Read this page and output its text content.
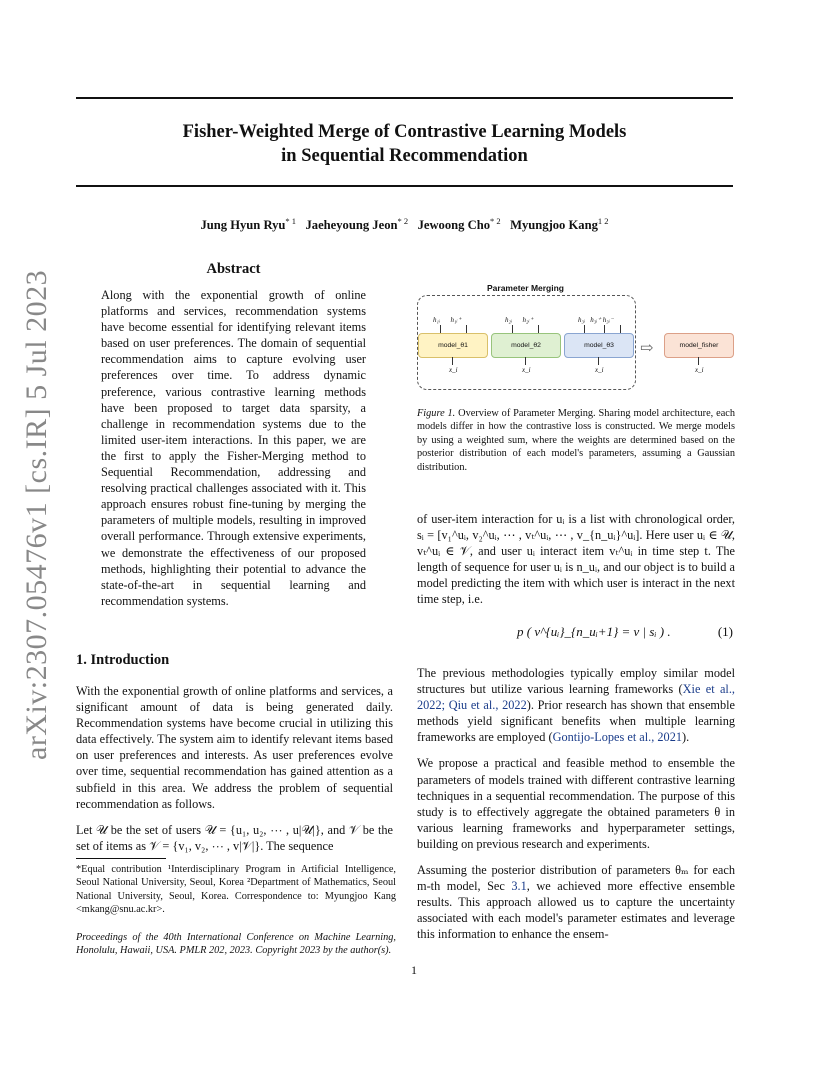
arXiv:2307.05476v1 [cs.IR] 5 Jul 2023
Fisher-Weighted Merge of Contrastive Learning Models
in Sequential Recommendation
Jung Hyun Ryu$^{* 1}$ Jaeheyoung Jeon$^{* 2}$ Jewoong Cho$^{* 2}$ Myungjoo Kang$^{1 2}$
Abstract
Along with the exponential growth of online platforms and services, recommendation systems have become essential for identifying relevant items based on user preferences. The domain of sequential recommendation aims to capture evolving user preferences over time. To address dynamic preference, various contrastive learning methods have been proposed to target data sparsity, a challenge in recommendation systems due to the limited user-item interactions. In this paper, we are the first to apply the Fisher-Merging method to Sequential Recommendation, addressing and resolving practical challenges associated with it. This approach ensures robust fine-tuning by merging the parameters of multiple models, resulting in improved overall performance. Through extensive experiments, we demonstrate the effectiveness of our proposed methods, highlighting their potential to advance the state-of-the-art in sequential learning and recommendation systems.
1. Introduction

With the exponential growth of online platforms and services, a significant amount of data is being generated daily. Recommendation systems have become crucial in utilizing this data effectively. The system aim to identify relevant items based on user preferences and interests. As user preferences evolve over time, sequential recommendation has gained attention as a subfield in this area. We address the problem of sequential recommendation as follows.

Let 𝒰 be the set of users 𝒰 = {u₁, u₂, ⋯ , u|𝒰|}, and 𝒱 be the set of items as 𝒱 = {v₁, v₂, ⋯ , v|𝒱|}. The sequence

*Equal contribution ¹Interdisciplinary Program in Artificial Intelligence, Seoul National University, Seoul, Korea ²Department of Mathematics, Seoul National University, Seoul, Korea. Correspondence to: Myungjoo Kang <mkang@snu.ac.kr>.
Proceedings of the 40th International Conference on Machine Learning, Honolulu, Hawaii, USA. PMLR 202, 2023. Copyright 2023 by the author(s).
Parameter Merging
h₁ᵢ      h₁ᵢ⁺	h₂ᵢ      h₂ᵢ⁺	h₃ᵢ   h₃ᵢ⁺ h₃ᵢ⁻
model_θ1	model_θ2	model_θ3	⇨	model_fisher
x_i	x_i	x_i	x_i
Figure 1. Overview of Parameter Merging. Sharing model architecture, each models differ in how the contrastive loss is constructed. We merge models by using a weighted sum, where the weights are determined based on the posterior distribution of each model's parameters, assuming a Gaussian distribution.
of user-item interaction for uᵢ is a list with chronological order, sᵢ = [v₁^uᵢ, v₂^uᵢ, ⋯ , vₜ^uᵢ, ⋯ , v_{n_uᵢ}^uᵢ]. Here user uᵢ ∈ 𝒰, vₜ^uᵢ ∈ 𝒱, and user uᵢ interact item vₜ^uᵢ in time step t. The length of sequence for user uᵢ is n_uᵢ, and our object is to build a model predicting the item with which user is interact in the next time step, i.e.
p ( v^{uᵢ}_{n_uᵢ+1} = v | sᵢ ) .	(1)

The previous methodologies typically employ similar model structures but utilize various learning frameworks (Xie et al., 2022; Qiu et al., 2022). Prior research has shown that ensemble methods yield significant benefits when multiple learning frameworks are employed (Gontijo-Lopes et al., 2021).

We propose a practical and feasible method to ensemble the parameters of models trained with different contrastive learning techniques in a sequential recommendation. The purpose of this study is to effectively aggregate the obtained parameters θ in various learning frameworks and hyperparameter settings, building on previous research and experiments.

Assuming the posterior distribution of parameters θₘ for each m-th model, Sec 3.1, we achieved more effective ensemble results. This approach allowed us to capture the uncertainty associated with each model's parameter estimates and leverage this information to enhance the ensem-

1
